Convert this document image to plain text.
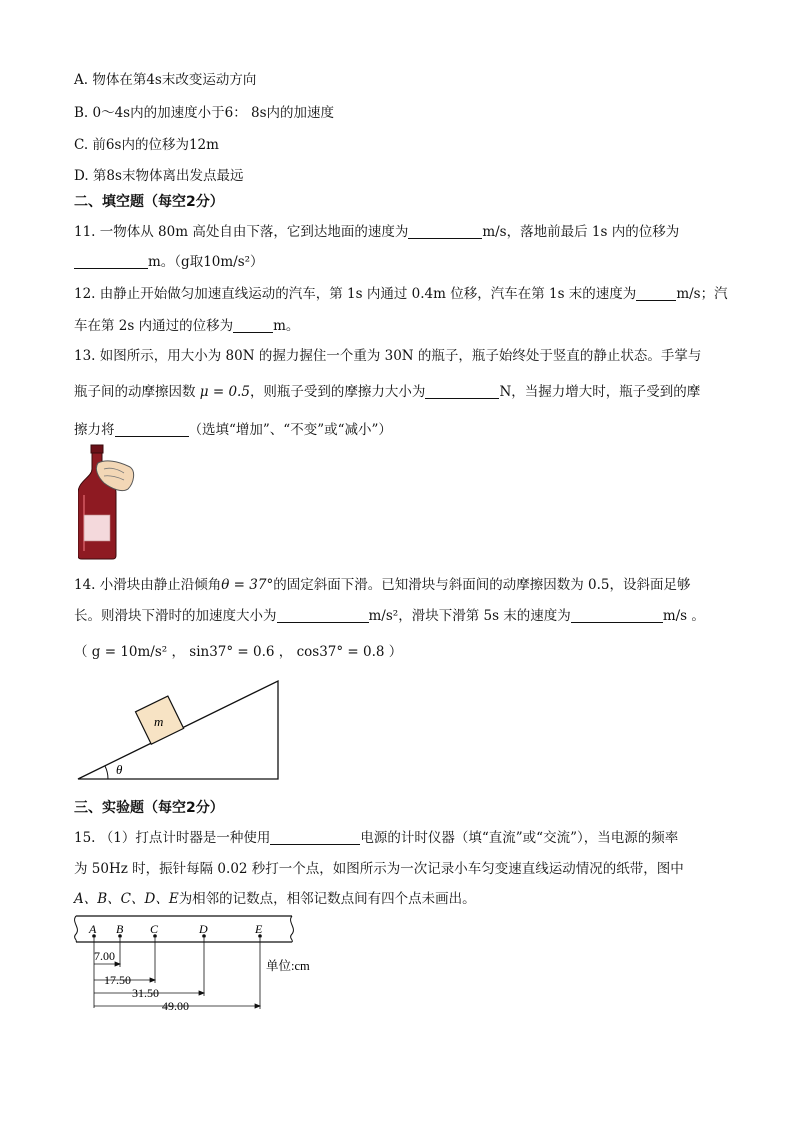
A. 物体在第4s末改变运动方向
B. 0～4s内的加速度小于6： 8s内的加速度
C. 前6s内的位移为12m
D. 第8s末物体离出发点最远
二、填空题（每空2分）
11. 一物体从 80m 高处自由下落，它到达地面的速度为	m/s，落地前最后 1s 内的位移为
m。（g取10m/s²）
12. 由静止开始做匀加速直线运动的汽车，第 1s 内通过 0.4m 位移，汽车在第 1s 末的速度为	m/s；汽
车在第 2s 内通过的位移为	m。
13. 如图所示，用大小为 80N 的握力握住一个重为 30N 的瓶子，瓶子始终处于竖直的静止状态。手掌与
瓶子间的动摩擦因数 μ = 0.5，则瓶子受到的摩擦力大小为	N，当握力增大时，瓶子受到的摩
擦力将	（选填“增加”、“不变”或“减小”）
14. 小滑块由静止沿倾角θ = 37°的固定斜面下滑。已知滑块与斜面间的动摩擦因数为 0.5，设斜面足够
长。则滑块下滑时的加速度大小为	m/s²，滑块下滑第 5s 末的速度为	m/s 。
（ g = 10m/s² ， sin37° = 0.6 ， cos37° = 0.8 ）
m
θ
三、实验题（每空2分）
15. （1）打点计时器是一种使用	电源的计时仪器（填“直流”或“交流”），当电源的频率
为 50Hz 时，振针每隔 0.02 秒打一个点，如图所示为一次记录小车匀变速直线运动情况的纸带，图中
A、B、C、D、E为相邻的记数点，相邻记数点间有四个点未画出。
A B C	D	E
7.00
17.50
31.50
49.00
单位:cm
